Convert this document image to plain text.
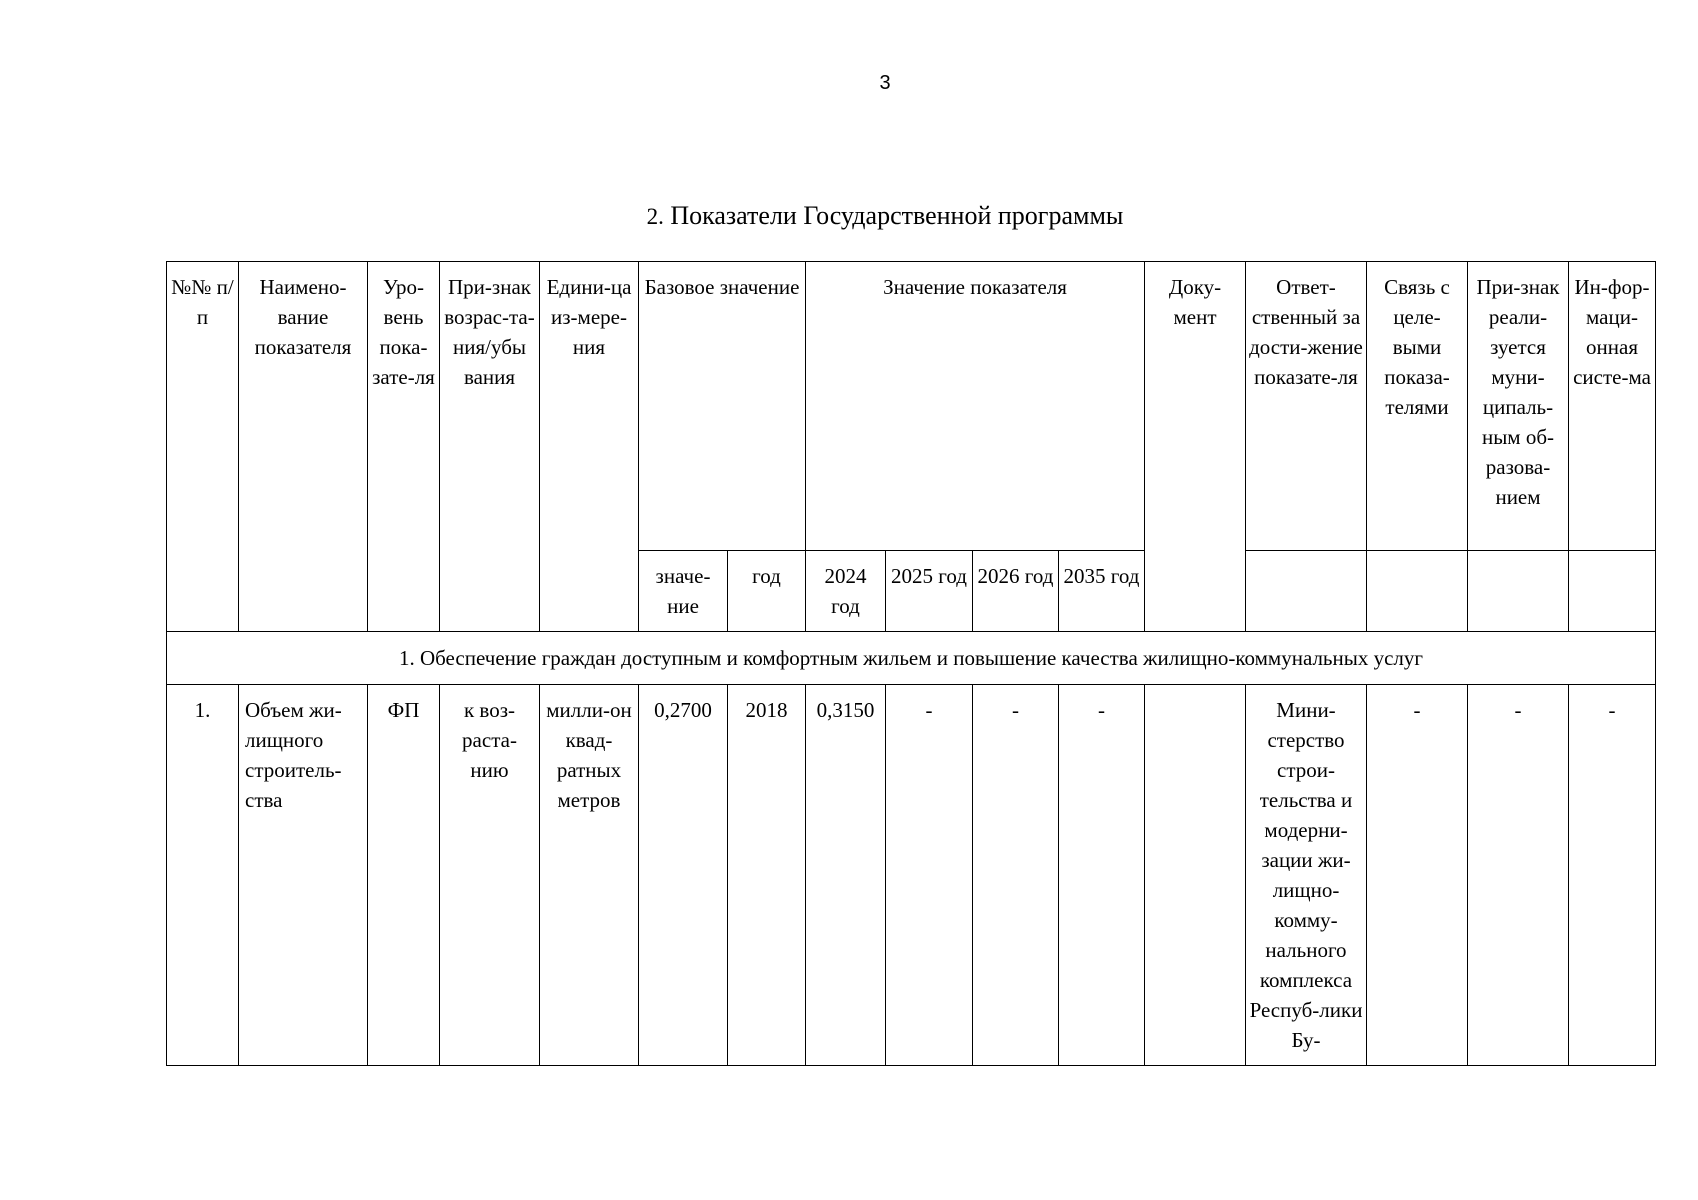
3
2. Показатели Государственной программы
№№ п/п	Наимено-вание показателя	Уро-вень пока-зате-ля	При-знак возрас-та-ния/убы вания	Едини-ца из-мере-ния	Базовое значение		Значение показателя				Доку-мент	Ответ-ственный за дости-жение показате-ля	Связь с целе-выми показа-телями	При-знак реали-зуется муни-ципаль-ным об-разова-нием	Ин-фор-маци-онная систе-ма
					значе-ние	год	2024 год	2025 год	2026 год	2035 год					
1. Обеспечение граждан доступным и комфортным жильем и повышение качества жилищно-коммунальных услуг															
1.	Объем жи-лищного строитель-ства	ФП	к воз-раста-нию	милли-он квад-ратных метров	0,2700	2018	0,3150	-	-	-		Мини-стерство строи-тельства и модерни-зации жи-лищно-комму-нального комплекса Респуб-лики Бу-	-	-	-
